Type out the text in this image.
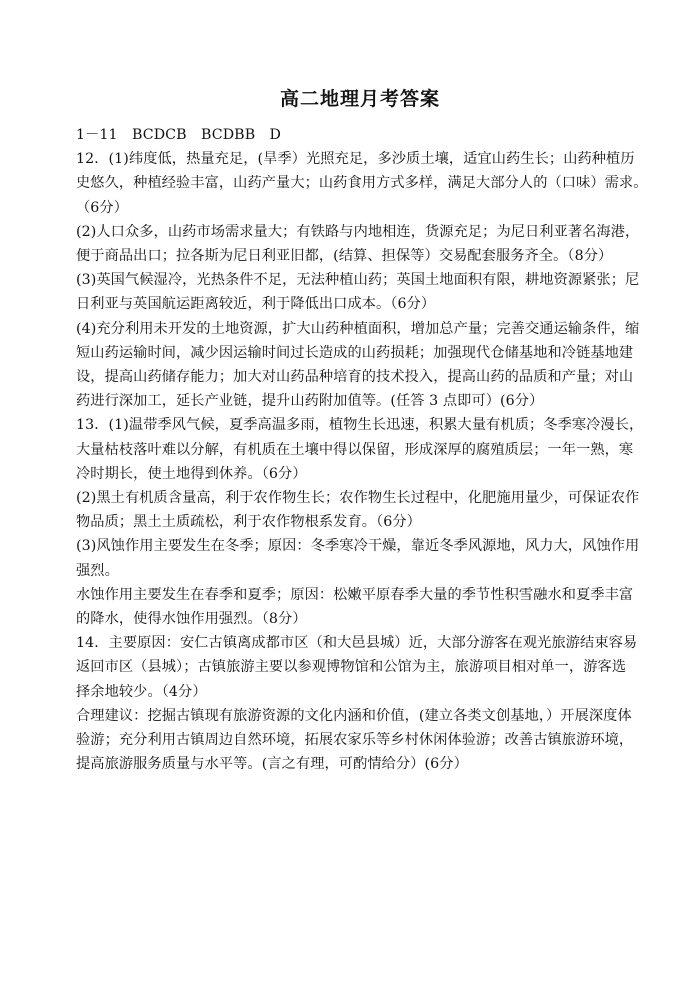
高二地理月考答案

1－11　BCDCB　BCDBB　D

12．(1)纬度低，热量充足，(旱季）光照充足，多沙质土壤，适宜山药生长；山药种植历

史悠久，种植经验丰富，山药产量大；山药食用方式多样，满足大部分人的（口味）需求。

（6分）

(2)人口众多，山药市场需求量大；有铁路与内地相连，货源充足；为尼日利亚著名海港，

便于商品出口；拉各斯为尼日利亚旧都，(结算、担保等）交易配套服务齐全。（8分）

(3)英国气候湿冷，光热条件不足，无法种植山药；英国土地面积有限，耕地资源紧张；尼

日利亚与英国航运距离较近，利于降低出口成本。（6分）

(4)充分利用未开发的土地资源，扩大山药种植面积，增加总产量；完善交通运输条件，缩

短山药运输时间，减少因运输时间过长造成的山药损耗；加强现代仓储基地和冷链基地建

设，提高山药储存能力；加大对山药品种培育的技术投入，提高山药的品质和产量；对山

药进行深加工，延长产业链，提升山药附加值等。(任答 3 点即可）(6分）

13．(1)温带季风气候，夏季高温多雨，植物生长迅速，积累大量有机质；冬季寒冷漫长，

大量枯枝落叶难以分解，有机质在土壤中得以保留，形成深厚的腐殖质层；一年一熟，寒

冷时期长，使土地得到休养。（6分）

(2)黑土有机质含量高，利于农作物生长；农作物生长过程中，化肥施用量少，可保证农作

物品质；黑土土质疏松，利于农作物根系发育。（6分）

(3)风蚀作用主要发生在冬季；原因：冬季寒冷干燥，靠近冬季风源地，风力大，风蚀作用

强烈。

水蚀作用主要发生在春季和夏季；原因：松嫩平原春季大量的季节性积雪融水和夏季丰富

的降水，使得水蚀作用强烈。（8分）

14．主要原因：安仁古镇离成都市区（和大邑县城）近，大部分游客在观光旅游结束容易

返回市区（县城）；古镇旅游主要以参观博物馆和公馆为主，旅游项目相对单一，游客选

择余地较少。（4分）

合理建议：挖掘古镇现有旅游资源的文化内涵和价值，(建立各类文创基地，）开展深度体

验游；充分利用古镇周边自然环境，拓展农家乐等乡村休闲体验游；改善古镇旅游环境，

提高旅游服务质量与水平等。(言之有理，可酌情给分）(6分）
